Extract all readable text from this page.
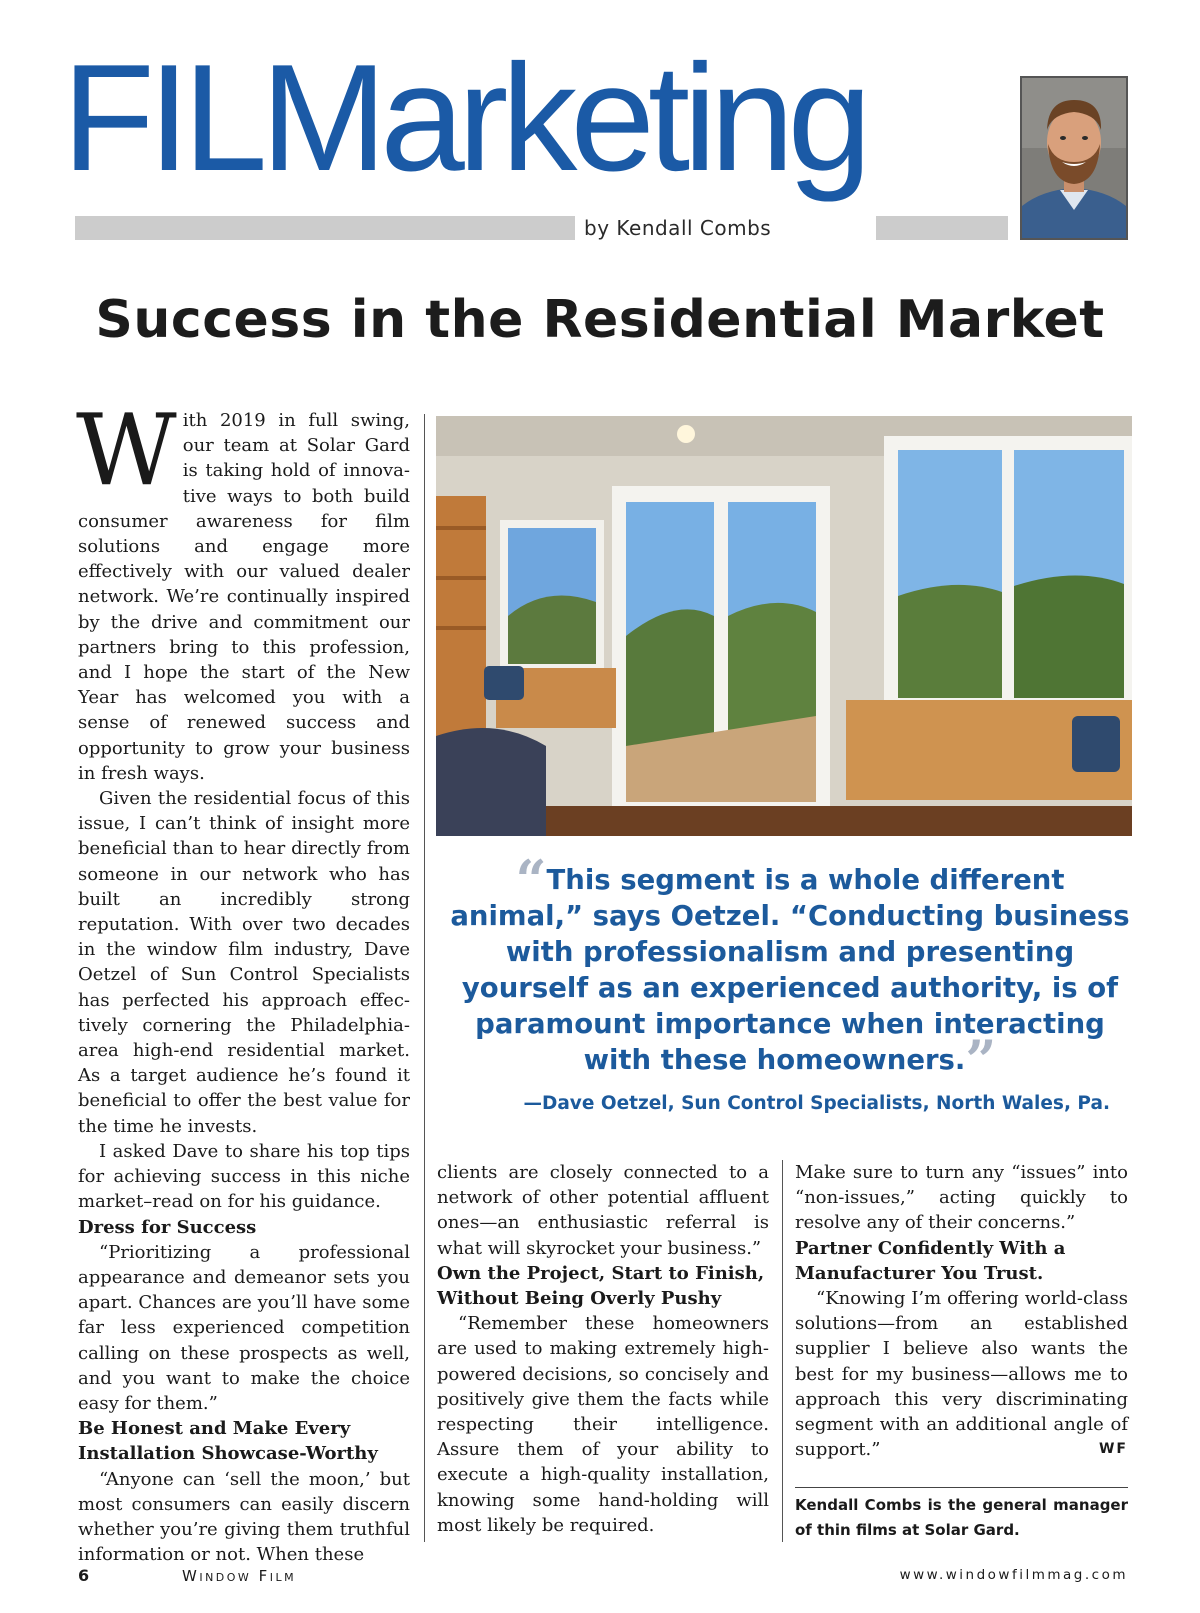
FILMarketing
by Kendall Combs
Success in the Residential Market

With 2019 in full swing, our team at Solar Gard is taking hold of innovative ways to both build consumer awareness for film solutions and engage more effectively with our valued dealer network. We’re continually inspired by the drive and commitment our partners bring to this profession, and I hope the start of the New Year has welcomed you with a sense of renewed success and opportunity to grow your business in fresh ways.

Given the residential focus of this issue, I can’t think of insight more beneficial than to hear directly from someone in our network who has built an incredibly strong reputation. With over two decades in the window film industry, Dave Oetzel of Sun Control Specialists has perfected his approach effectively cornering the Philadelphia-area high-end residential market. As a target audience he’s found it beneficial to offer the best value for the time he invests.

I asked Dave to share his top tips for achieving success in this niche market–read on for his guidance.

Dress for Success

“Prioritizing a professional appearance and demeanor sets you apart. Chances are you’ll have some far less experienced competition calling on these prospects as well, and you want to make the choice easy for them.”

Be Honest and Make Every
Installation Showcase-Worthy

“Anyone can ‘sell the moon,’ but most consumers can easily discern whether you’re giving them truthful information or not. When these

“This segment is a whole different animal,” says Oetzel. “Conducting business with professionalism and presenting yourself as an experienced authority, is of paramount importance when interacting with these homeowners.”
—Dave Oetzel, Sun Control Specialists, North Wales, Pa.

clients are closely connected to a network of other potential affluent ones—an enthusiastic referral is what will skyrocket your business.”

Own the Project, Start to Finish,
Without Being Overly Pushy

“Remember these homeowners are used to making extremely high-powered decisions, so concisely and positively give them the facts while respecting their intelligence. Assure them of your ability to execute a high-quality installation, knowing some hand-holding will most likely be required.

Make sure to turn any “issues” into “non-issues,” acting quickly to resolve any of their concerns.”

Partner Confidently With a
Manufacturer You Trust.

“Knowing I’m offering world-class solutions—from an established supplier I believe also wants the best for my business—allows me to approach this very discriminating segment with an additional angle of support.”	WF

Kendall Combs is the general manager of thin films at Solar Gard.
6	Window Film	www.windowfilmmag.com
